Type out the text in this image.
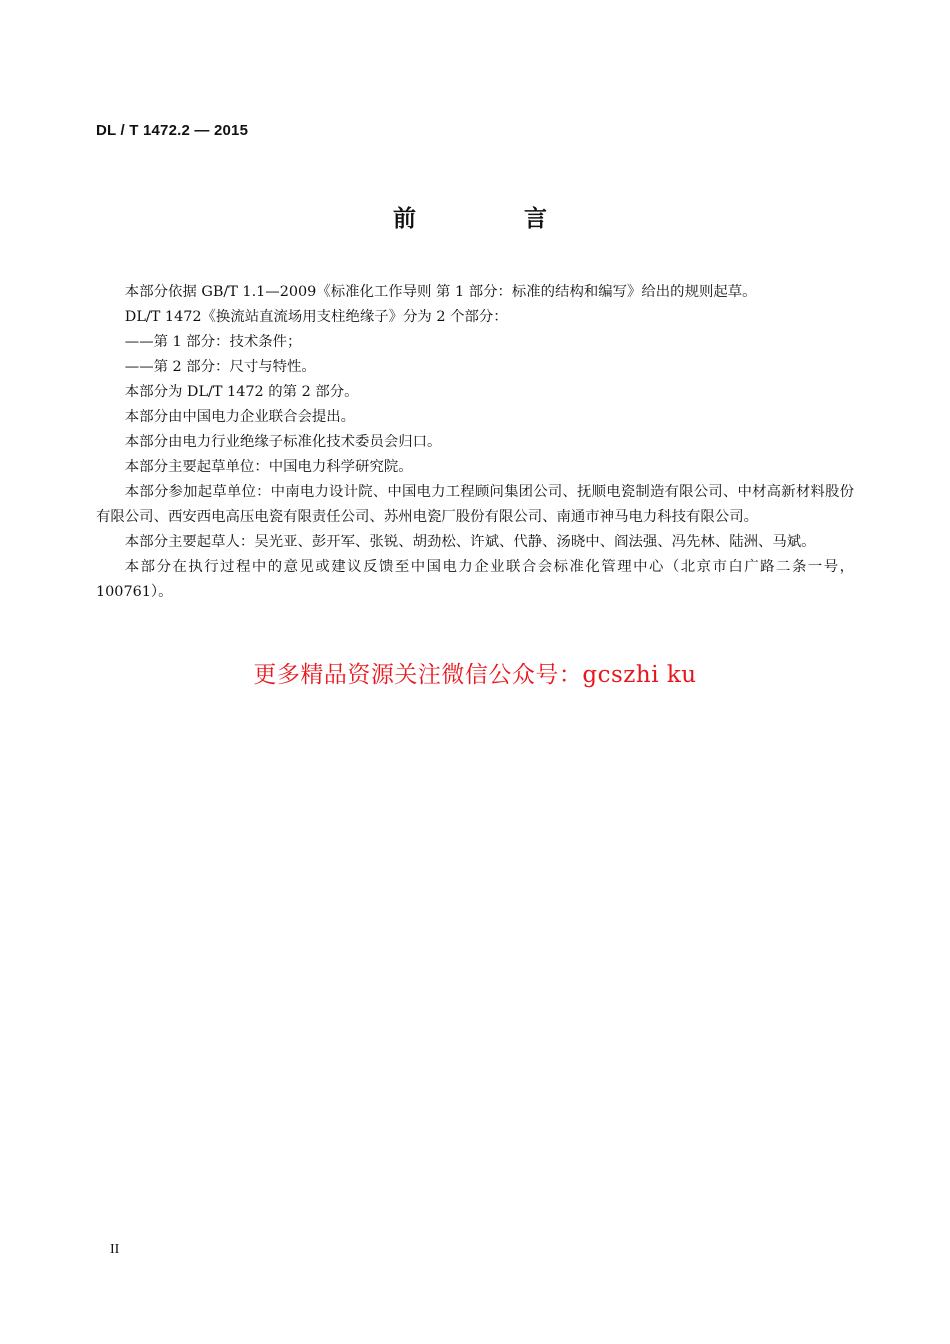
DL / T 1472.2 — 2015
前 言

本部分依据 GB/T 1.1—2009《标准化工作导则 第 1 部分：标准的结构和编写》给出的规则起草。

DL/T 1472《换流站直流场用支柱绝缘子》分为 2 个部分：

——第 1 部分：技术条件；

——第 2 部分：尺寸与特性。

本部分为 DL/T 1472 的第 2 部分。

本部分由中国电力企业联合会提出。

本部分由电力行业绝缘子标准化技术委员会归口。

本部分主要起草单位：中国电力科学研究院。

本部分参加起草单位：中南电力设计院、中国电力工程顾问集团公司、抚顺电瓷制造有限公司、中材高新材料股份有限公司、西安西电高压电瓷有限责任公司、苏州电瓷厂股份有限公司、南通市神马电力科技有限公司。

本部分主要起草人：吴光亚、彭开军、张锐、胡劲松、许斌、代静、汤晓中、阎法强、冯先林、陆洲、马斌。

本部分在执行过程中的意见或建议反馈至中国电力企业联合会标准化管理中心（北京市白广路二条一号，100761）。

更多精品资源关注微信公众号：gcszhi ku
II
